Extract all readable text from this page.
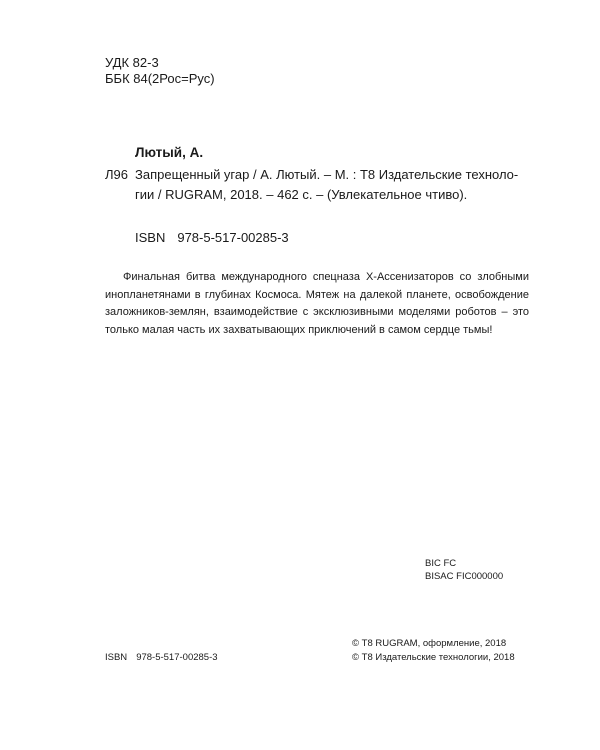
УДК 82-3
ББК 84(2Рос=Рус)
Лютый, А.
Л96 Запрещенный угар / А. Лютый. – М. : Т8 Издательские техноло-
гии / RUGRAM, 2018. – 462 с. – (Увлекательное чтиво).
ISBN 978-5-517-00285-3
Финальная битва международного спецназа Х-Ассенизаторов со злобными инопланетянами в глубинах Космоса. Мятеж на далекой планете, освобождение заложников-землян, взаимодействие с эксклюзивными моделями роботов – это только малая часть их захватывающих приключений в самом сердце тьмы!
BIC FC
BISAC FIC000000
© Т8 RUGRAM, оформление, 2018
© Т8 Издательские технологии, 2018
ISBN 978-5-517-00285-3
